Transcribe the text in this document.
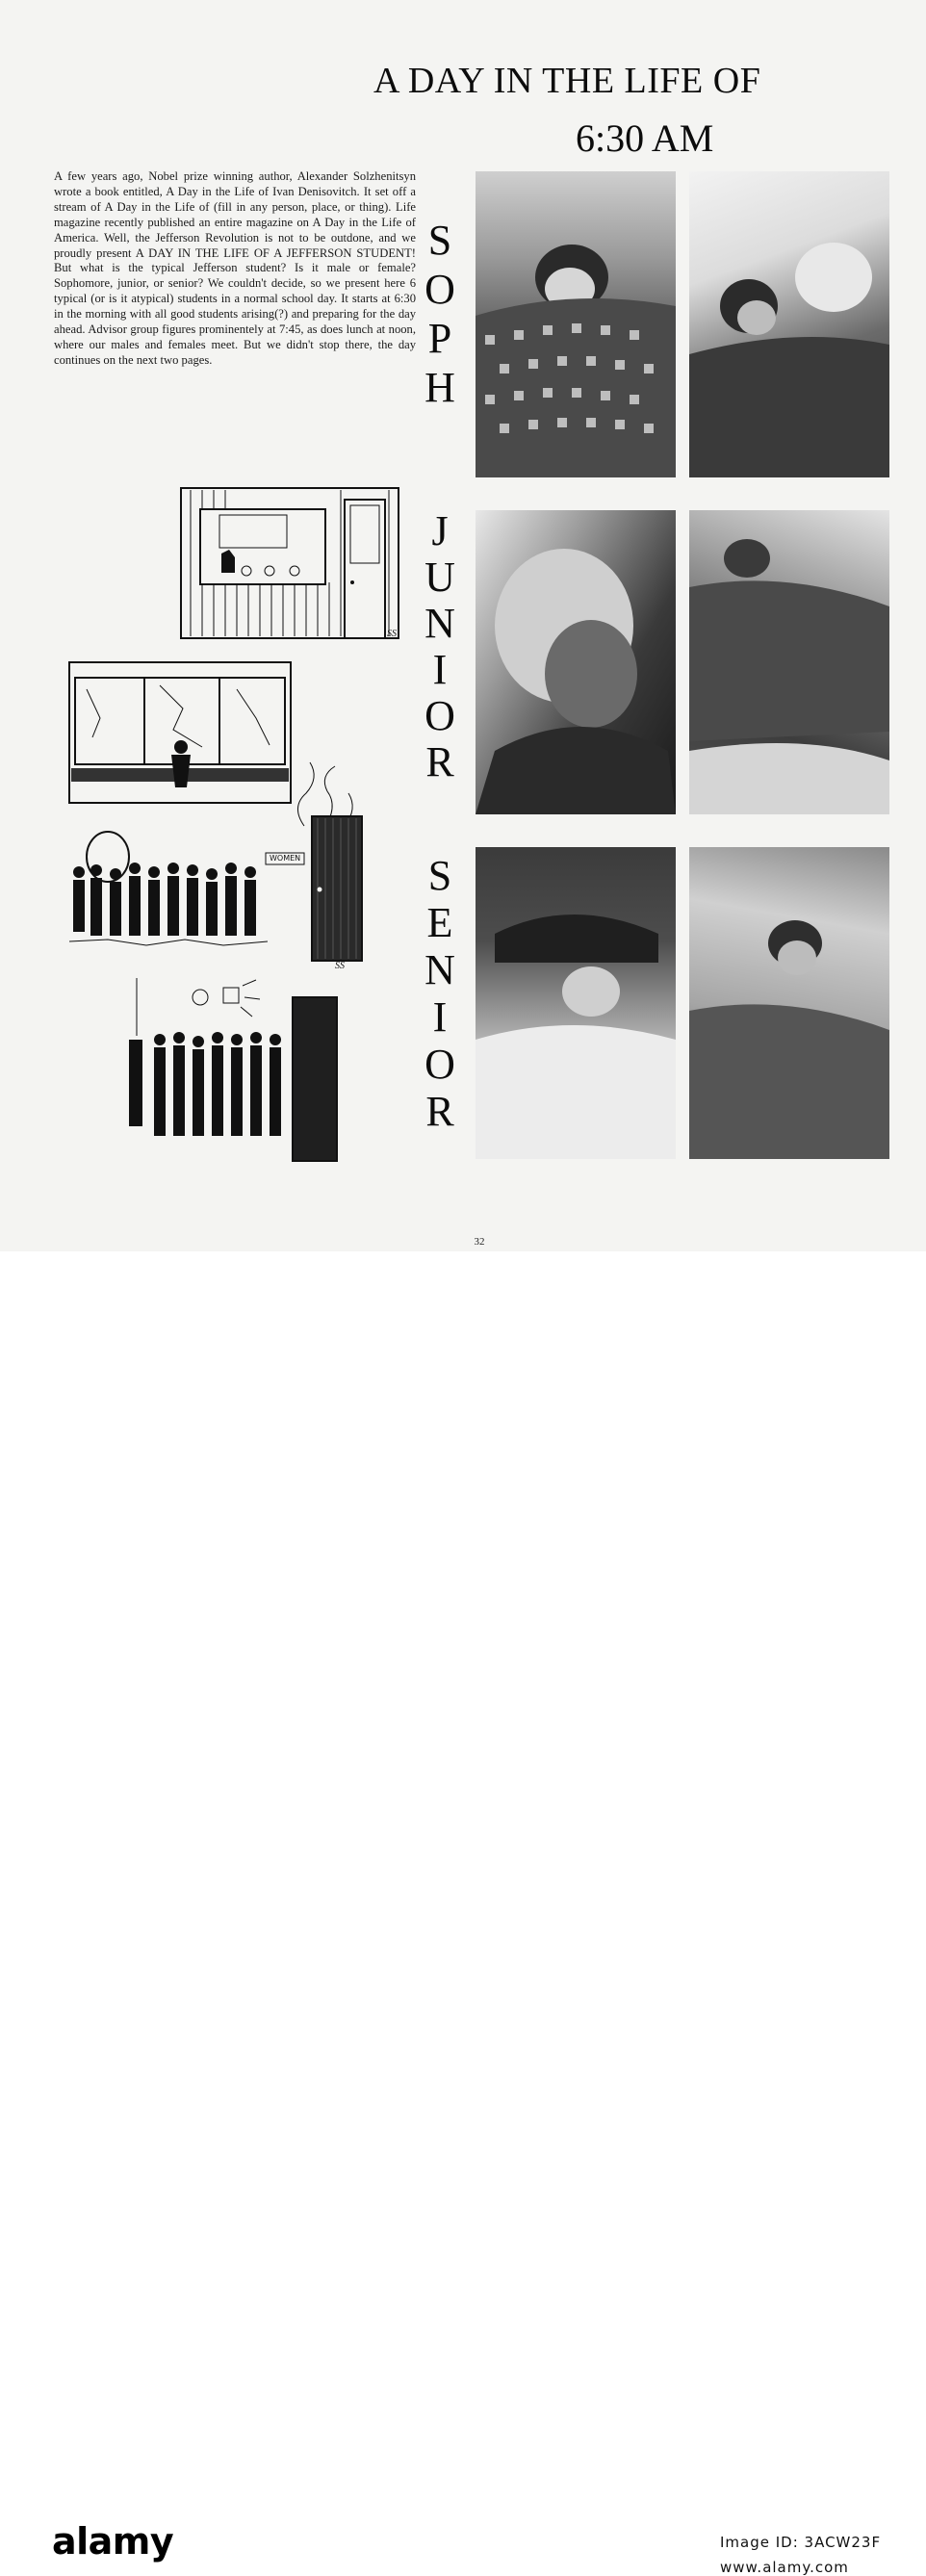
A DAY IN THE LIFE OF
6:30 AM
A few years ago, Nobel prize winning author, Alexander Solzhenitsyn wrote a book entitled, A Day in the Life of Ivan Denisovitch. It set off a stream of A Day in the Life of (fill in any person, place, or thing). Life magazine recently published an entire magazine on A Day in the Life of America. Well, the Jefferson Revolution is not to be outdone, and we proudly present A DAY IN THE LIFE OF A JEFFERSON STUDENT! But what is the typical Jefferson student? Is it male or female? Sophomore, junior, or senior? We couldn't decide, so we present here 6 typical (or is it atypical) students in a normal school day. It starts at 6:30 in the morning with all good students arising(?) and preparing for the day ahead. Advisor group figures prominentely at 7:45, as does lunch at noon, where our males and females meet. But we didn't stop there, the day continues on the next two pages.
S
O
P
H
J
U
N
I
O
R
S
E
N
I
O
R
SS
WOMEN
SS
32
alamy	Image ID: 3ACW23F
www.alamy.com
